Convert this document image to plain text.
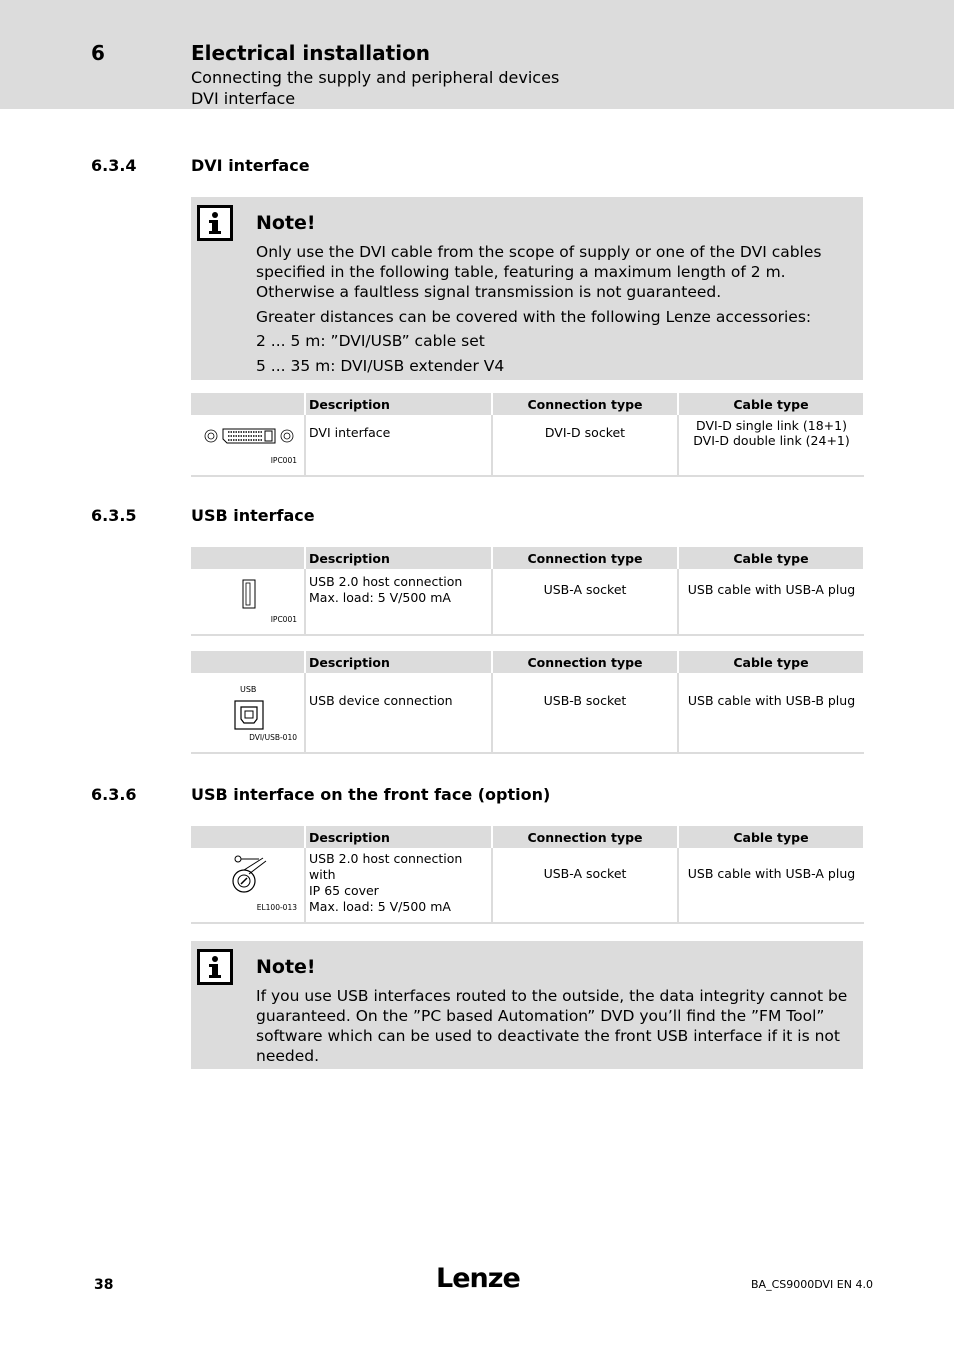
6	Electrical installation
Connecting the supply and peripheral devices
DVI interface
6.3.4	DVI interface
Note!
Only use the DVI cable from the scope of supply or one of the DVI cables
specified in the following table, featuring a maximum length of 2 m.
Otherwise a faultless signal transmission is not guaranteed.
Greater distances can be covered with the following Lenze accessories:
2 ... 5 m: ”DVI/USB” cable set
5 ... 35 m: DVI/USB extender V4
	Description	Connection type	Cable type

IPC001	DVI interface	DVI-D socket	DVI-D single link (18+1)
DVI-D double link (24+1)
6.3.5	USB interface
	Description	Connection type	Cable type

IPC001	USB 2.0 host connection
Max. load: 5 V/500 mA	USB-A socket	USB cable with USB-A plug
	Description	Connection type	Cable type

USB
DVI/USB-010	USB device connection	USB-B socket	USB cable with USB-B plug
6.3.6	USB interface on the front face (option)
	Description	Connection type	Cable type

EL100-013	USB 2.0 host connection with
IP 65 cover
Max. load: 5 V/500 mA	USB-A socket	USB cable with USB-A plug
Note!
If you use USB interfaces routed to the outside, the data integrity cannot be
guaranteed. On the ”PC based Automation” DVD you’ll find the ”FM Tool”
software which can be used to deactivate the front USB interface if it is not
needed.
38	Lenze	BA_CS9000DVI EN 4.0
